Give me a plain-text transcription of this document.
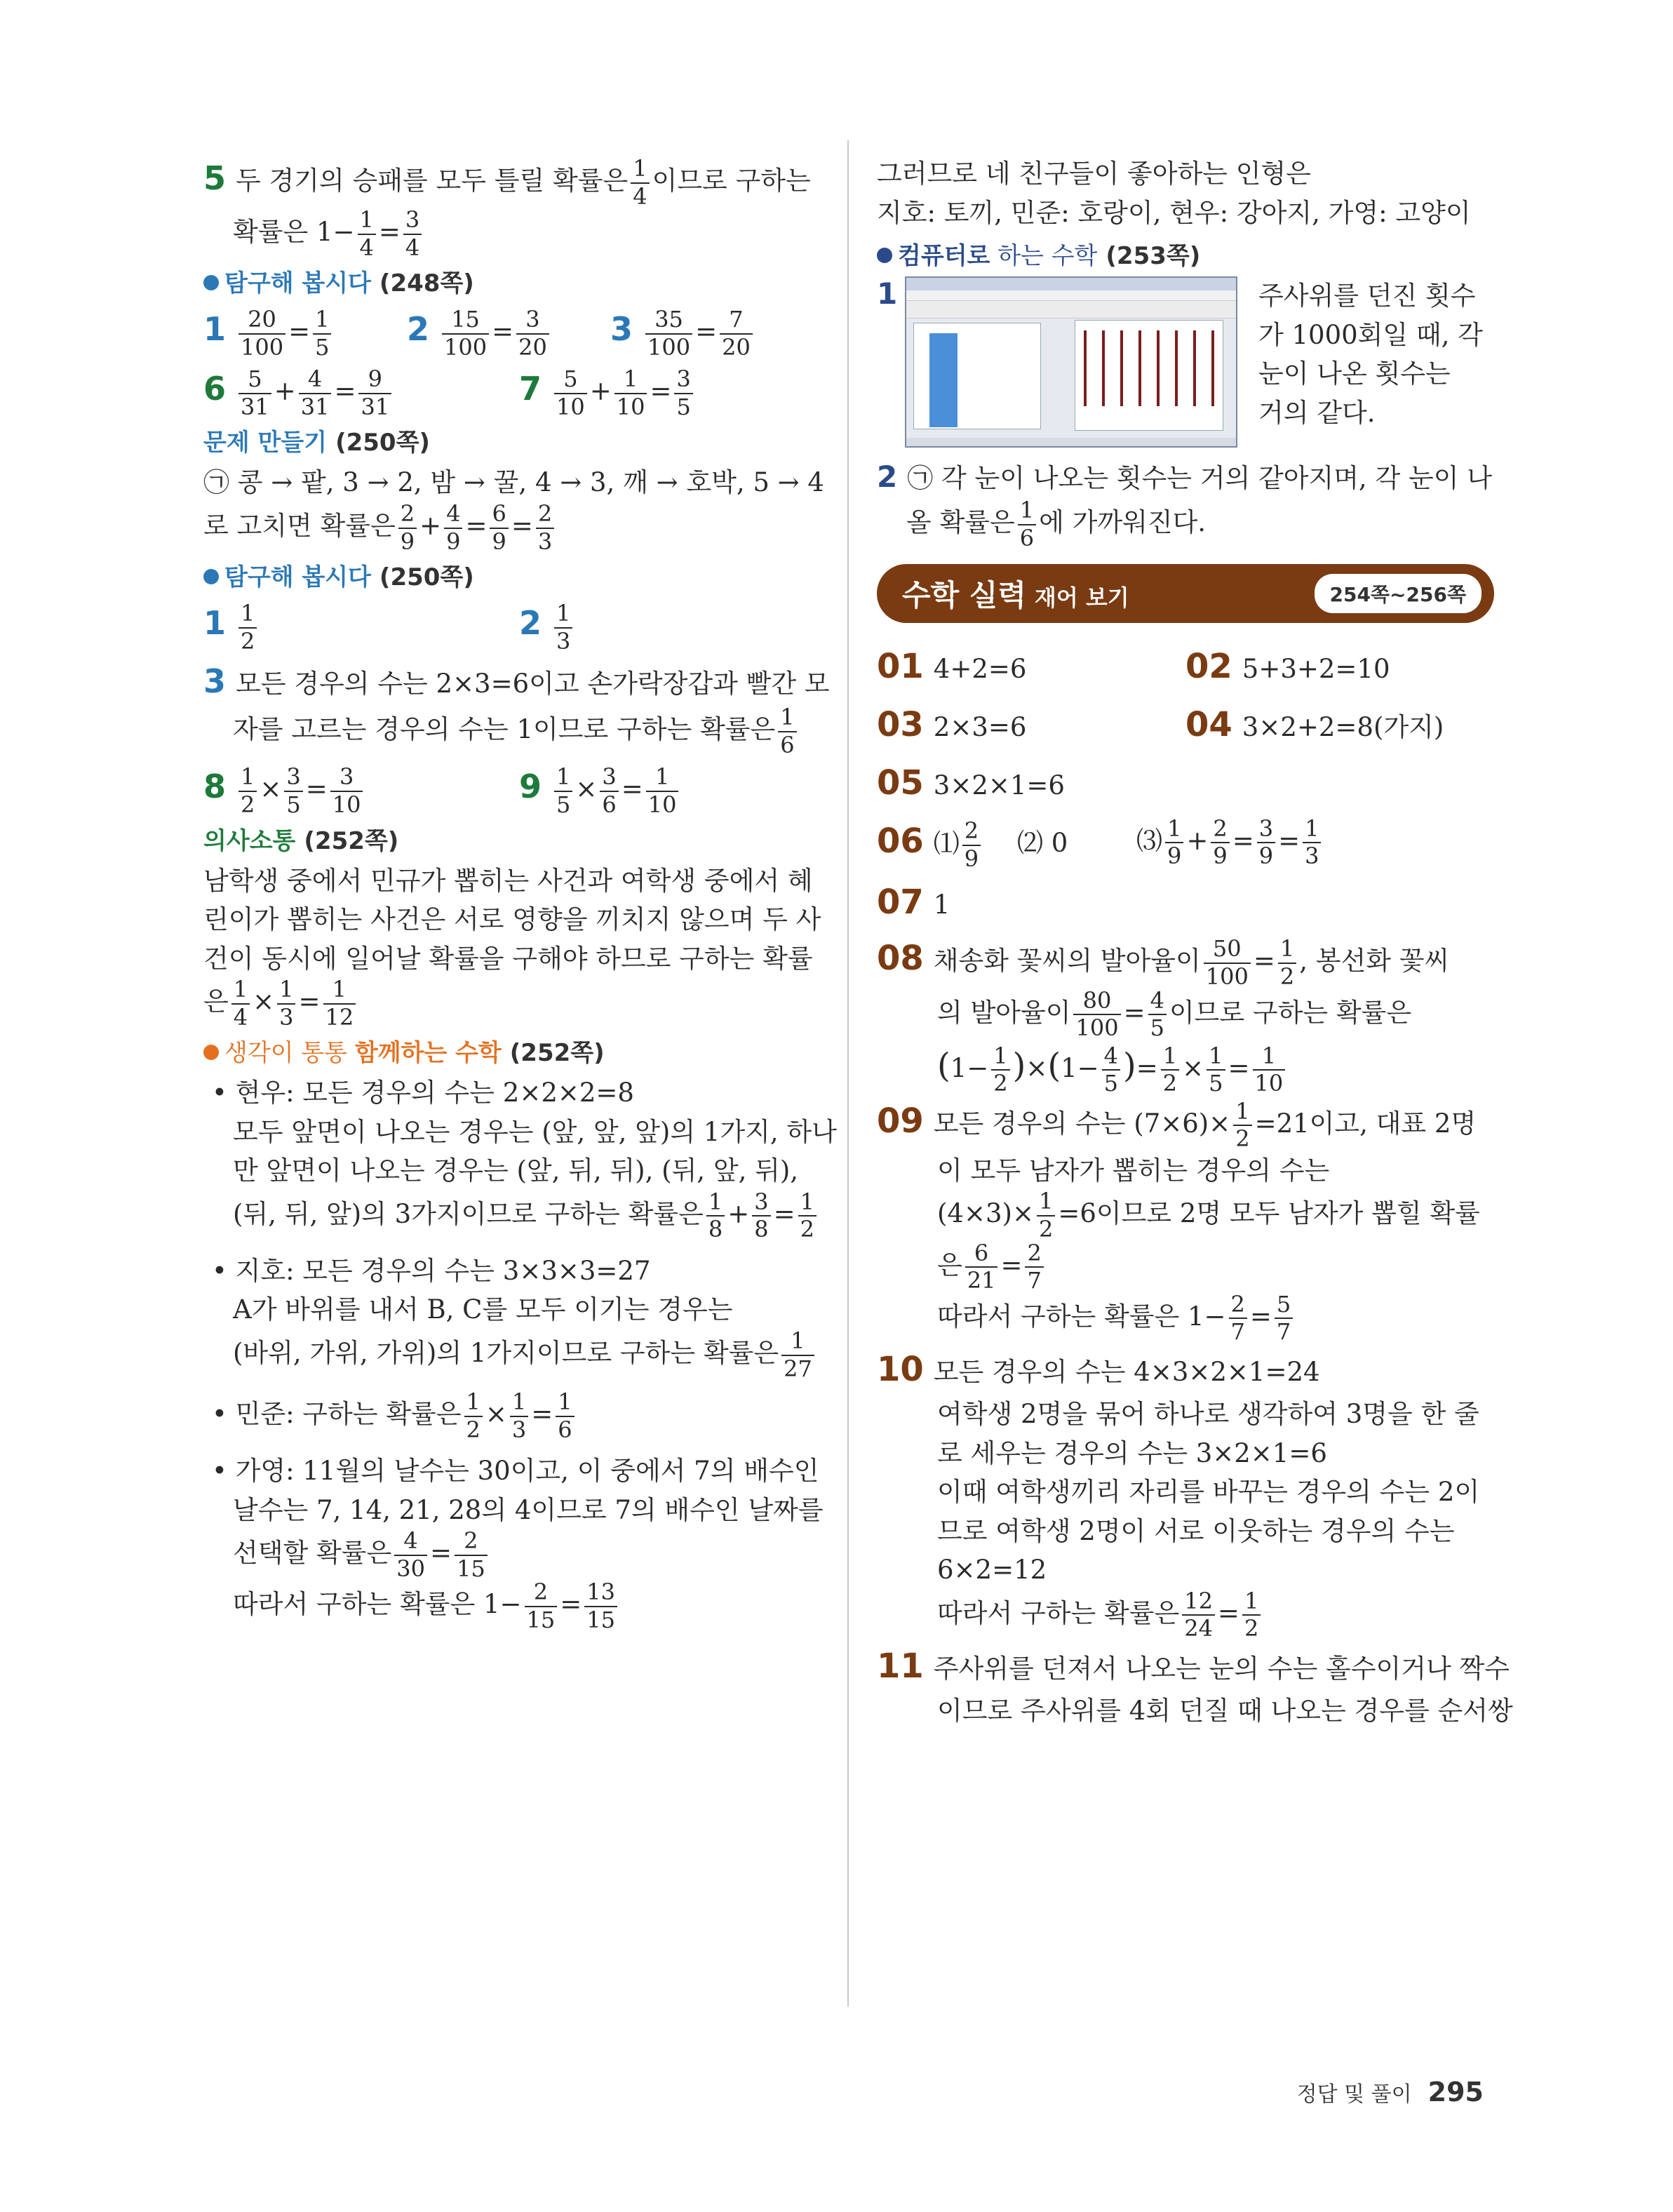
5 두 경기의 승패를 모두 틀릴 확률은 $\frac{1}{4}$ 이므로 구하는

확률은 $1- \frac{1}{4} = \frac{3}{4}$

탐구해 봅시다 (248쪽)
$1 \frac{20}{100} = \frac{1}{5} 2 \frac{15}{100} = \frac{3}{20} 3 \frac{35}{100} = \frac{7}{20}$
$6 \frac{5}{31} + \frac{4}{31} = \frac{9}{31}$	$7 \frac{5}{10} + \frac{1}{10} = \frac{3}{5}$
문제 만들기 (250쪽)

㉠ 콩 → 팥, 3 → 2, 밤 → 꿀, 4 → 3, 깨 → 호박, 5 → 4

로 고치면 확률은 $\frac{2}{9} + \frac{4}{9} = \frac{6}{9} = \frac{2}{3}$

탐구해 봅시다 (250쪽)
$1 \frac{1}{2}$	$2 \frac{1}{3}$

3 모든 경우의 수는 2×3=6이고 손가락장갑과 빨간 모

자를 고르는 경우의 수는 1이므로 구하는 확률은 $\frac{1}{6}$

$8 \frac{1}{2} \times \frac{3}{5} = \frac{3}{10}$	$9 \frac{1}{5} \times \frac{3}{6} = \frac{1}{10}$
의사소통 (252쪽)

남학생 중에서 민규가 뽑히는 사건과 여학생 중에서 혜

린이가 뽑히는 사건은 서로 영향을 끼치지 않으며 두 사

건이 동시에 일어날 확률을 구해야 하므로 구하는 확률

은 $\frac{1}{4} \times \frac{1}{3} = \frac{1}{12}$

생각이 통통 함께하는 수학 (252쪽)

• 현우: 모든 경우의 수는 2×2×2=8

모두 앞면이 나오는 경우는 (앞, 앞, 앞)의 1가지, 하나

만 앞면이 나오는 경우는 (앞, 뒤, 뒤), (뒤, 앞, 뒤),

(뒤, 뒤, 앞)의 3가지이므로 구하는 확률은 $\frac{1}{8} + \frac{3}{8} = \frac{1}{2}$

• 지호: 모든 경우의 수는 3×3×3=27

A가 바위를 내서 B, C를 모두 이기는 경우는

(바위, 가위, 가위)의 1가지이므로 구하는 확률은 $\frac{1}{27}$

• 민준: 구하는 확률은 $\frac{1}{2} \times \frac{1}{3} = \frac{1}{6}$

• 가영: 11월의 날수는 30이고, 이 중에서 7의 배수인

날수는 7, 14, 21, 28의 4이므로 7의 배수인 날짜를

선택할 확률은 $\frac{4}{30} = \frac{2}{15}$

따라서 구하는 확률은 $1- \frac{2}{15} = \frac{13}{15}$

그러므로 네 친구들이 좋아하는 인형은

지호: 토끼, 민준: 호랑이, 현우: 강아지, 가영: 고양이

컴퓨터로 하는 수학 (253쪽)
1	주사위를 던진 횟수

가 1000회일 때, 각

눈이 나온 횟수는

거의 같다.

2 ㉠ 각 눈이 나오는 횟수는 거의 같아지며, 각 눈이 나

올 확률은 $\frac{1}{6}$ 에 가까워진다.

수학 실력 재어 보기	254쪽~256쪽
01 4+2=6	02 5+3+2=10
03 2×3=6	04 3×2+2=8(가지)
05 3×2×1=6
06 ⑴ $\frac{2}{9}$ ⑵ 0	⑶ $\frac{1}{9} + \frac{2}{9} = \frac{3}{9} = \frac{1}{3}$
07 1

08 채송화 꽃씨의 발아율이 $\frac{50}{100} = \frac{1}{2}$ , 봉선화 꽃씨

의 발아율이 $\frac{80}{100} = \frac{4}{5}$ 이므로 구하는 확률은

$(1- \frac{1}{2} )\times(1- \frac{4}{5}$ )= $\frac{1}{2} \times \frac{1}{5} = \frac{1}{10}$

09 모든 경우의 수는 $(7\times 6)\times \frac{1}{2} =21$이고, 대표 2명

이 모두 남자가 뽑히는 경우의 수는

$(4\times 3)\times \frac{1}{2} =6$이므로 2명 모두 남자가 뽑힐 확률

은 $\frac{6}{21} = \frac{2}{7}$

따라서 구하는 확률은 $1- \frac{2}{7} = \frac{5}{7}$

10 모든 경우의 수는 4×3×2×1=24

여학생 2명을 묶어 하나로 생각하여 3명을 한 줄

로 세우는 경우의 수는 3×2×1=6

이때 여학생끼리 자리를 바꾸는 경우의 수는 2이

므로 여학생 2명이 서로 이웃하는 경우의 수는

6×2=12

따라서 구하는 확률은 $\frac{12}{24} = \frac{1}{2}$

11 주사위를 던져서 나오는 눈의 수는 홀수이거나 짝수

이므로 주사위를 4회 던질 때 나오는 경우를 순서쌍

정답 및 풀이 295
